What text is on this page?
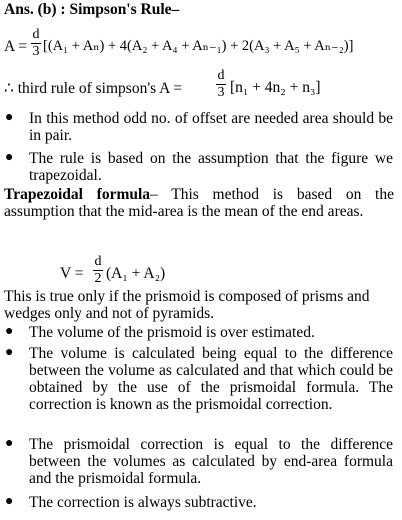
Ans. (b) : Simpson's Rule–
A =
d
3 [(A₁ + Aₙ) + 4(A₂ + A₄ + Aₙ₋₁) + 2(A₃ + A₅ + Aₙ₋₂)]
∴ third rule of simpson's A =
d
3 [n₁ + 4n₂ + n₃]
● In this method odd no. of offset are needed area should be in pair.
● The rule is based on the assumption that the figure we trapezoidal.
Trapezoidal formula– This method is based on the assumption that the mid-area is the mean of the end areas.
V =
d
2 (A₁ + A₂)
This is true only if the prismoid is composed of prisms and wedges only and not of pyramids.
● The volume of the prismoid is over estimated.
● The volume is calculated being equal to the difference between the volume as calculated and that which could be obtained by the use of the prismoidal formula. The correction is known as the prismoidal correction.
● The prismoidal correction is equal to the difference between the volumes as calculated by end-area formula and the prismoidal formula.
● The correction is always subtractive.
